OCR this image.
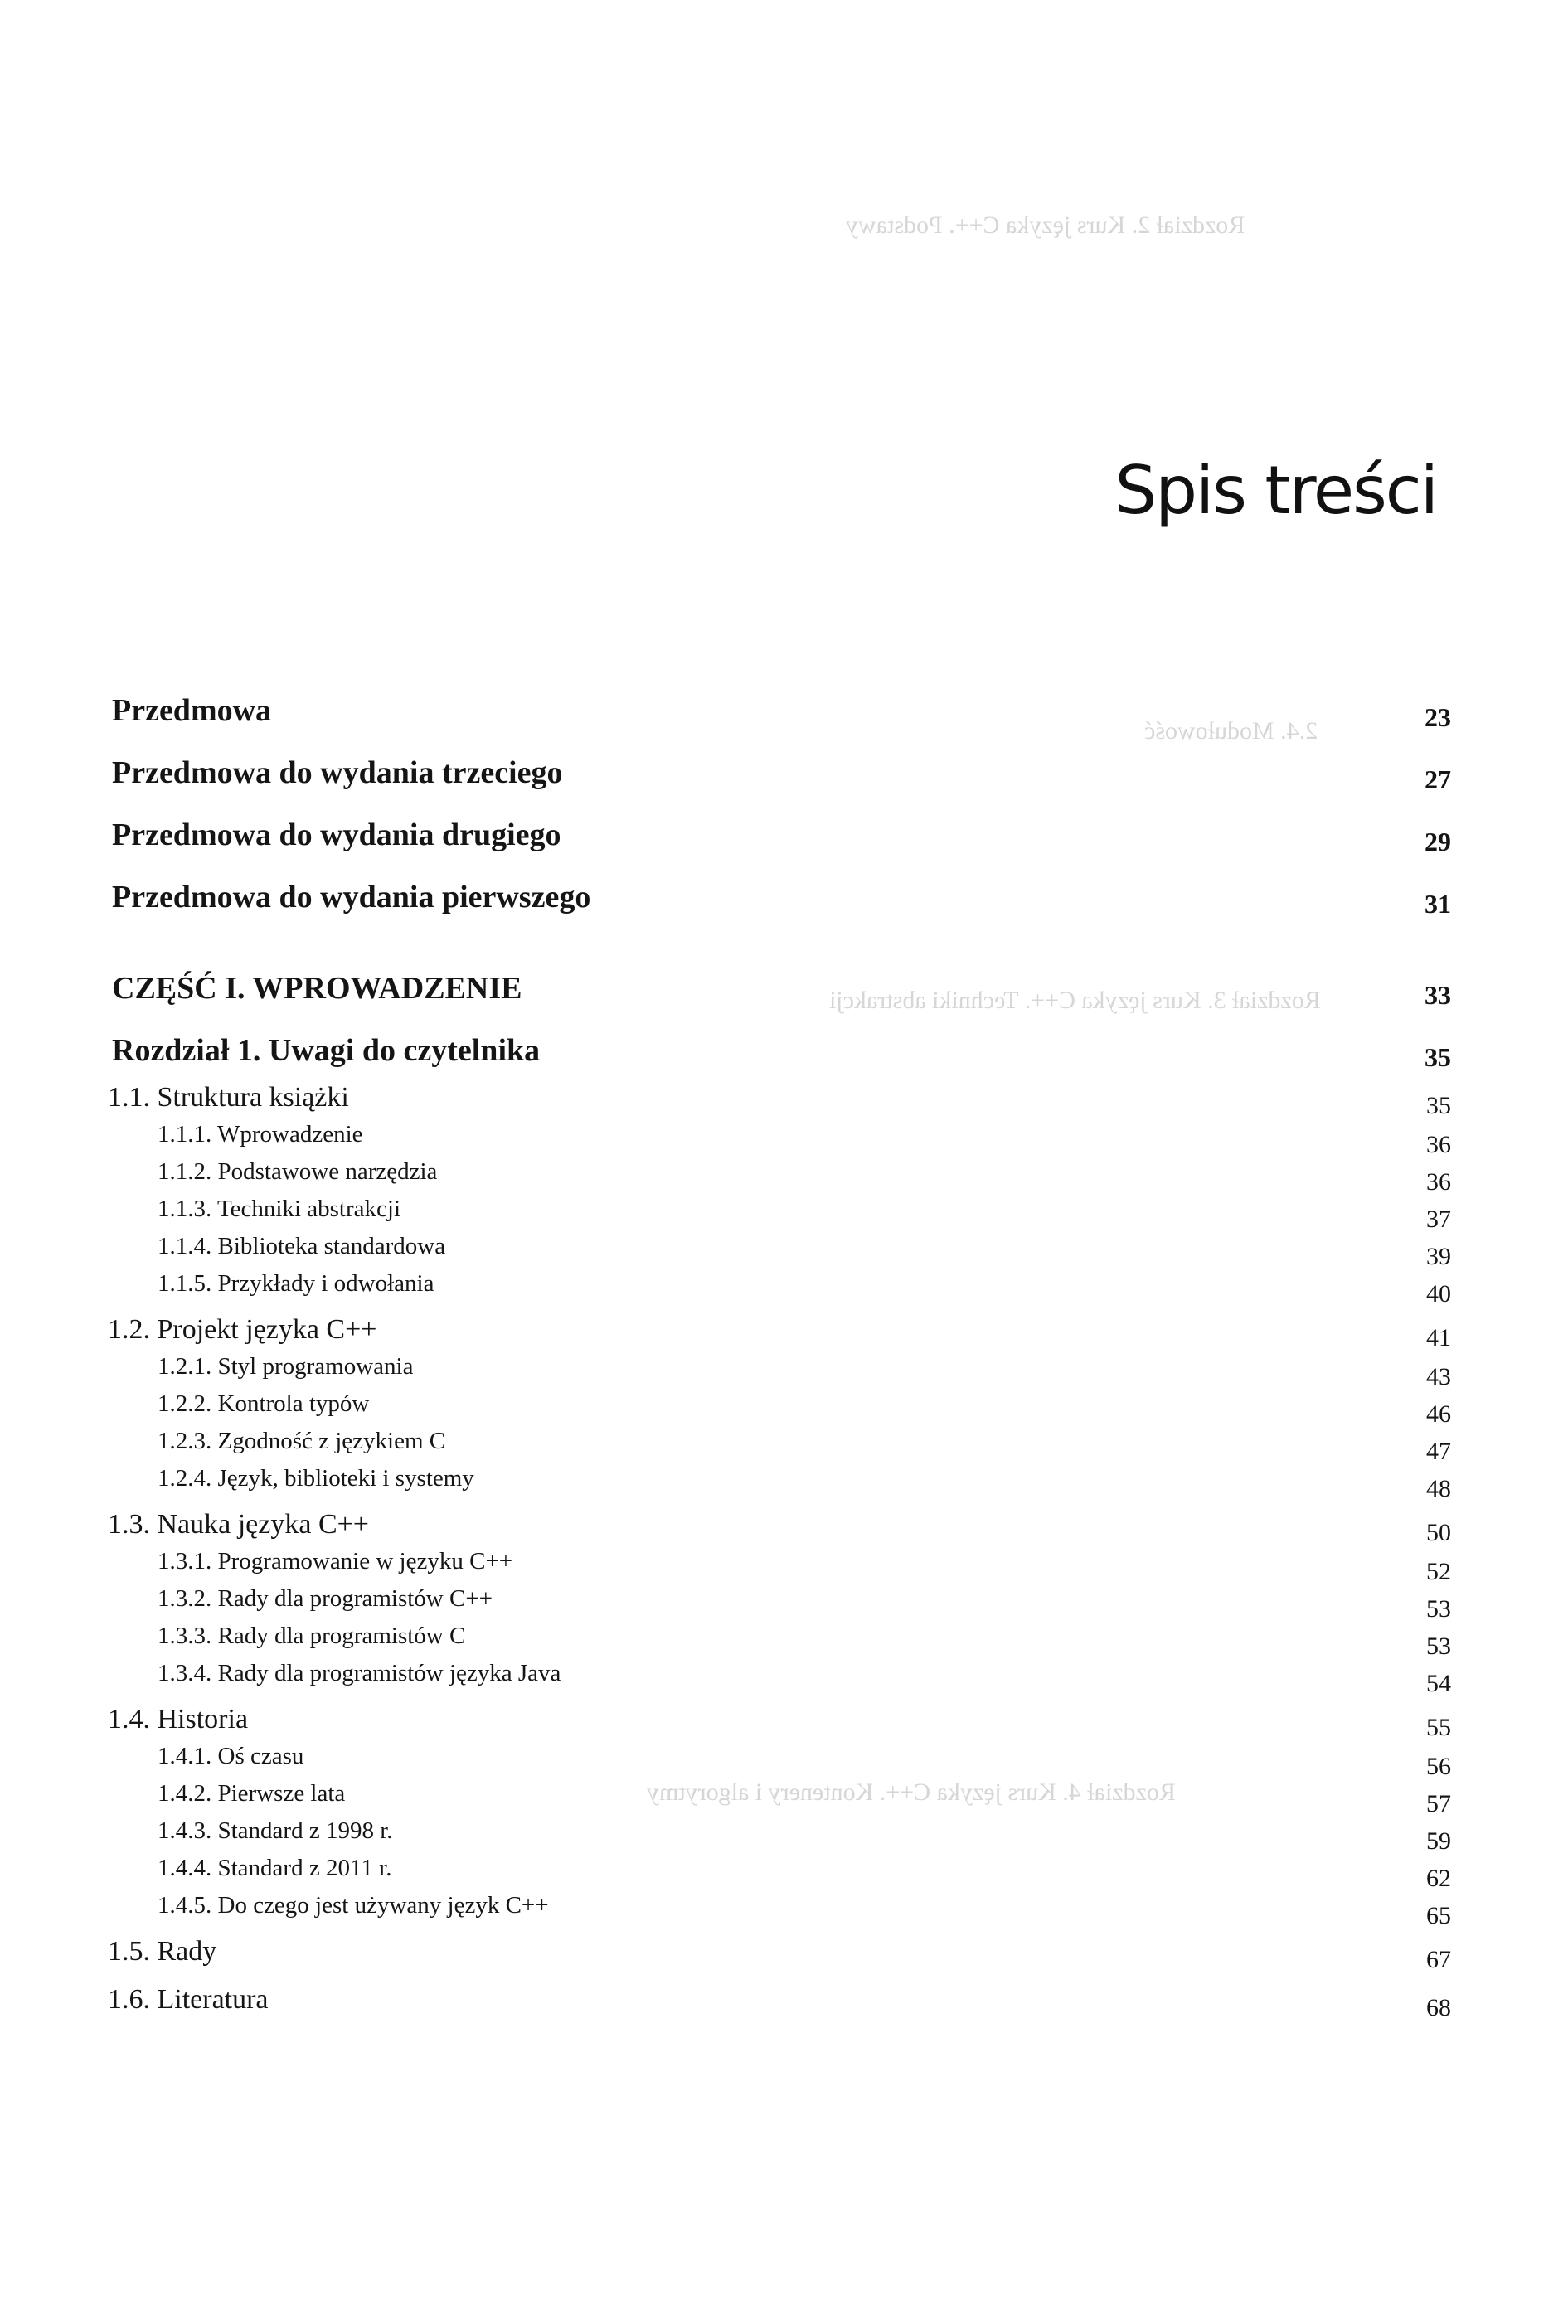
Rozdział 2. Kurs języka C++. Podstawy
2.4. Modułowość
Rozdział 3. Kurs języka C++. Techniki abstrakcji
Rozdział 4. Kurs języka C++. Kontenery i algorytmy
Spis treści
Przedmowa	23
Przedmowa do wydania trzeciego	27
Przedmowa do wydania drugiego	29
Przedmowa do wydania pierwszego	31
CZĘŚĆ I. WPROWADZENIE	33
Rozdział 1. Uwagi do czytelnika	35
1.1. Struktura książki	35
1.1.1. Wprowadzenie	36
1.1.2. Podstawowe narzędzia	36
1.1.3. Techniki abstrakcji	37
1.1.4. Biblioteka standardowa	39
1.1.5. Przykłady i odwołania	40
1.2. Projekt języka C++	41
1.2.1. Styl programowania	43
1.2.2. Kontrola typów	46
1.2.3. Zgodność z językiem C	47
1.2.4. Język, biblioteki i systemy	48
1.3. Nauka języka C++	50
1.3.1. Programowanie w języku C++	52
1.3.2. Rady dla programistów C++	53
1.3.3. Rady dla programistów C	53
1.3.4. Rady dla programistów języka Java	54
1.4. Historia	55
1.4.1. Oś czasu	56
1.4.2. Pierwsze lata	57
1.4.3. Standard z 1998 r.	59
1.4.4. Standard z 2011 r.	62
1.4.5. Do czego jest używany język C++	65
1.5. Rady	67
1.6. Literatura	68
